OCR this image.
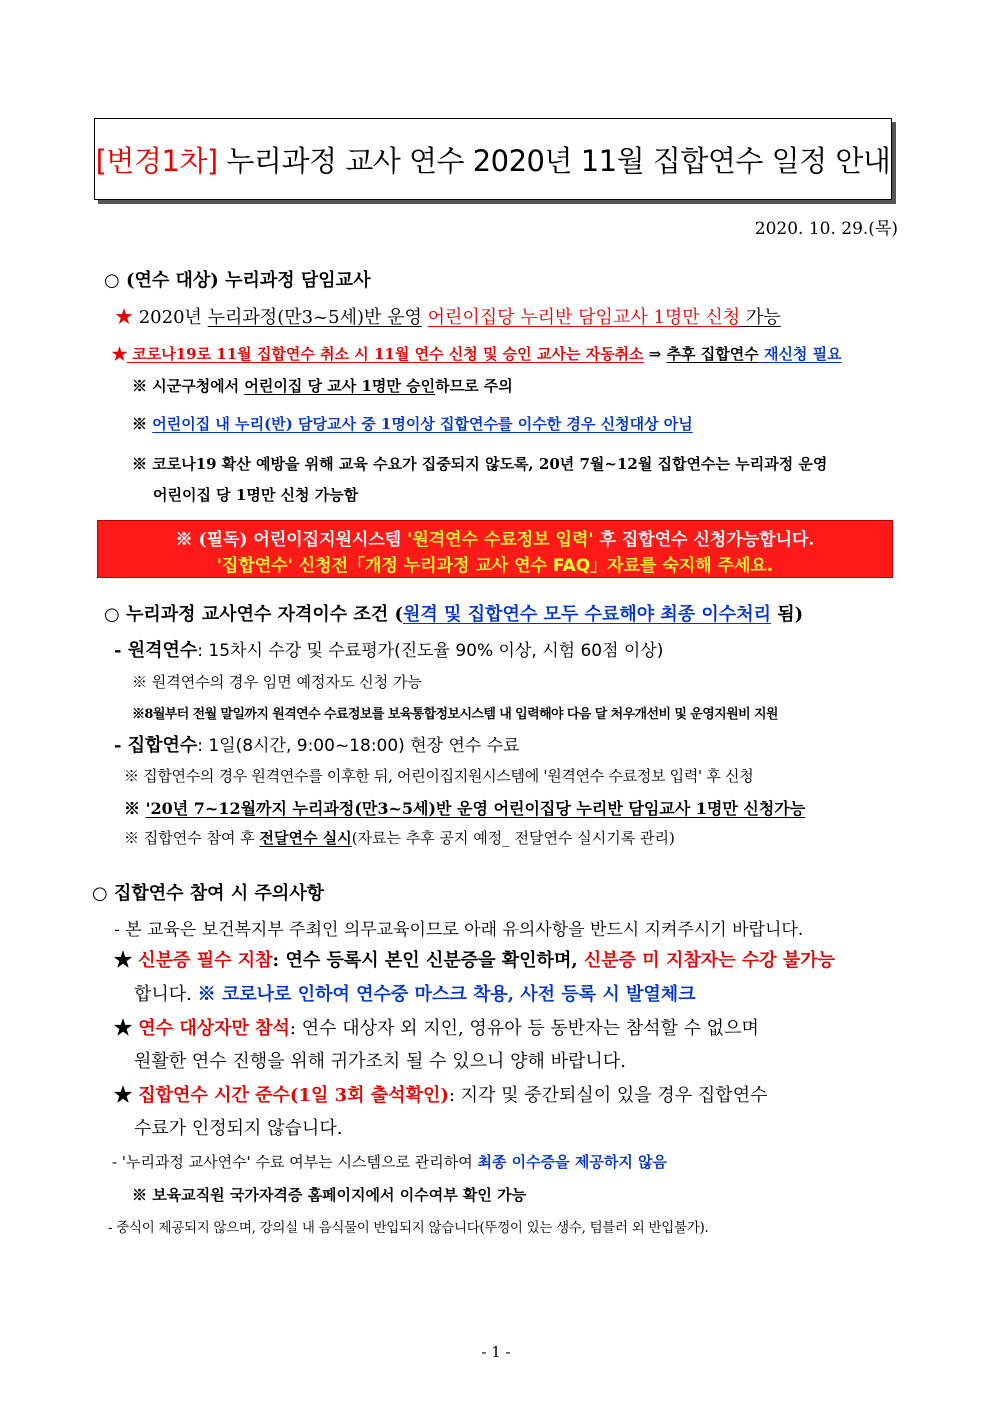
[변경1차] 누리과정 교사 연수 2020년 11월 집합연수 일정 안내
2020. 10. 29.(목)
○ (연수 대상) 누리과정 담임교사
★ 2020년 누리과정(만3~5세)반 운영 어린이집당 누리반 담임교사 1명만 신청 가능
★ 코로나19로 11월 집합연수 취소 시 11월 연수 신청 및 승인 교사는 자동취소 ⇒ 추후 집합연수 재신청 필요
※ 시군구청에서 어린이집 당 교사 1명만 승인하므로 주의
※ 어린이집 내 누리(반) 담당교사 중 1명이상 집합연수를 이수한 경우 신청대상 아님
※ 코로나19 확산 예방을 위해 교육 수요가 집중되지 않도록, 20년 7월~12월 집합연수는 누리과정 운영
어린이집 당 1명만 신청 가능함
※ (필독) 어린이집지원시스템 '원격연수 수료정보 입력' 후 집합연수 신청가능합니다.
'집합연수' 신청전「개정 누리과정 교사 연수 FAQ」자료를 숙지해 주세요.
○ 누리과정 교사연수 자격이수 조건 (원격 및 집합연수 모두 수료해야 최종 이수처리 됨)
- 원격연수: 15차시 수강 및 수료평가(진도율 90% 이상, 시험 60점 이상)
※ 원격연수의 경우 임면 예정자도 신청 가능
※8월부터 전월 말일까지 원격연수 수료정보를 보육통합정보시스템 내 입력해야 다음 달 처우개선비 및 운영지원비 지원
- 집합연수: 1일(8시간, 9:00~18:00) 현장 연수 수료
※ 집합연수의 경우 원격연수를 이후한 뒤, 어린이집지원시스템에 '원격연수 수료정보 입력' 후 신청
※ '20년 7~12월까지 누리과정(만3~5세)반 운영 어린이집당 누리반 담임교사 1명만 신청가능
※ 집합연수 참여 후 전달연수 실시(자료는 추후 공지 예정_ 전달연수 실시기록 관리)
○ 집합연수 참여 시 주의사항
- 본 교육은 보건복지부 주최인 의무교육이므로 아래 유의사항을 반드시 지켜주시기 바랍니다.
★ 신분증 필수 지참: 연수 등록시 본인 신분증을 확인하며, 신분증 미 지참자는 수강 불가능
합니다. ※ 코로나로 인하여 연수중 마스크 착용, 사전 등록 시 발열체크
★ 연수 대상자만 참석: 연수 대상자 외 지인, 영유아 등 동반자는 참석할 수 없으며
원활한 연수 진행을 위해 귀가조치 될 수 있으니 양해 바랍니다.
★ 집합연수 시간 준수(1일 3회 출석확인): 지각 및 중간퇴실이 있을 경우 집합연수
수료가 인정되지 않습니다.
- '누리과정 교사연수' 수료 여부는 시스템으로 관리하여 최종 이수증을 제공하지 않음
※ 보육교직원 국가자격증 홈페이지에서 이수여부 확인 가능
- 중식이 제공되지 않으며, 강의실 내 음식물이 반입되지 않습니다(뚜껑이 있는 생수, 텀블러 외 반입불가).
- 1 -
